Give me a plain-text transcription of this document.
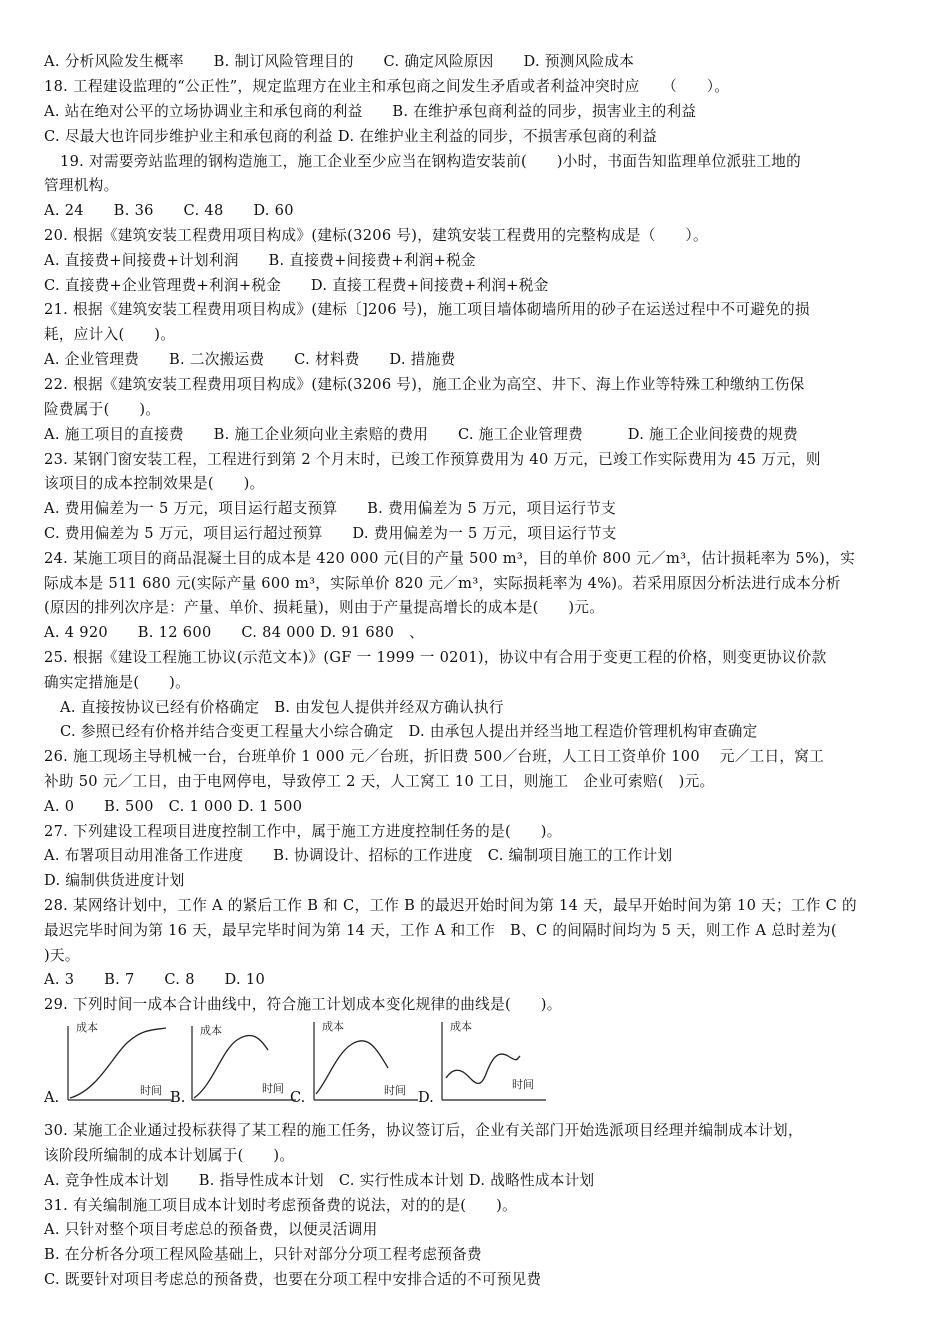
A. 分析风险发生概率　　B. 制订风险管理目的　　C. 确定风险原因　　D. 预测风险成本
18. 工程建设监理的“公正性”，规定监理方在业主和承包商之间发生矛盾或者利益冲突时应　　（　　）。
A. 站在绝对公平的立场协调业主和承包商的利益　　B. 在维护承包商利益的同步，损害业主的利益
C. 尽最大也许同步维护业主和承包商的利益 D. 在维护业主利益的同步，不损害承包商的利益
19. 对需要旁站监理的钢构造施工，施工企业至少应当在钢构造安装前(　　)小时，书面告知监理单位派驻工地的
管理机构。
A. 24　　B. 36　　C. 48　　D. 60
20. 根据《建筑安装工程费用项目构成》(建标(3206 号)，建筑安装工程费用的完整构成是（　　）。
A. 直接费+间接费+计划利润　　B. 直接费+间接费+利润+税金
C. 直接费+企业管理费+利润+税金　　D. 直接工程费+间接费+利润+税金
21. 根据《建筑安装工程费用项目构成》(建标〔]206 号)，施工项目墙体砌墙所用的砂子在运送过程中不可避免的损
耗，应计入(　　)。
A. 企业管理费　　B. 二次搬运费　　C. 材料费　　D. 措施费
22. 根据《建筑安装工程费用项目构成》(建标(3206 号)，施工企业为高空、井下、海上作业等特殊工种缴纳工伤保
险费属于(　　)。
A. 施工项目的直接费　　B. 施工企业须向业主索赔的费用　　C. 施工企业管理费　　　D. 施工企业间接费的规费
23. 某钢门窗安装工程，工程进行到第 2 个月末时，已竣工作预算费用为 40 万元，已竣工作实际费用为 45 万元，则
该项目的成本控制效果是(　　)。
A. 费用偏差为一 5 万元，项目运行超支预算　　B. 费用偏差为 5 万元，项目运行节支
C. 费用偏差为 5 万元，项目运行超过预算　　D. 费用偏差为一 5 万元，项目运行节支
24. 某施工项目的商品混凝土目的成本是 420 000 元(目的产量 500 m³，目的单价 800 元／m³，估计损耗率为 5%)，实
际成本是 511 680 元(实际产量 600 m³，实际单价 820 元／m³，实际损耗率为 4%)。若采用原因分析法进行成本分析
(原因的排列次序是：产量、单价、损耗量)，则由于产量提高增长的成本是(　　)元。
A. 4 920　　B. 12 600　　C. 84 000 D. 91 680　、
25. 根据《建设工程施工协议(示范文本)》(GF 一 1999 一 0201)，协议中有合用于变更工程的价格，则变更协议价款
确实定措施是(　　)。
A. 直接按协议已经有价格确定　B. 由发包人提供并经双方确认执行
C. 参照已经有价格并结合变更工程量大小综合确定　D. 由承包人提出并经当地工程造价管理机构审查确定
26. 施工现场主导机械一台，台班单价 1 000 元／台班，折旧费 500／台班，人工日工资单价 100　 元／工日，窝工
补助 50 元／工日，由于电网停电，导致停工 2 天，人工窝工 10 工日，则施工　企业可索赔(　)元。
A. 0　　B. 500　C. 1 000 D. 1 500
27. 下列建设工程项目进度控制工作中，属于施工方进度控制任务的是(　　)。
A. 布署项目动用准备工作进度　　B. 协调设计、招标的工作进度　C. 编制项目施工的工作计划
D. 编制供货进度计划
28. 某网络计划中，工作 A 的紧后工作 B 和 C，工作 B 的最迟开始时间为第 14 天，最早开始时间为第 10 天；工作 C 的
最迟完毕时间为第 16 天，最早完毕时间为第 14 天，工作 A 和工作　B、C 的间隔时间均为 5 天，则工作 A 总时差为(
)天。
A. 3　　B. 7　　C. 8　　D. 10
29. 下列时间一成本合计曲线中，符合施工计划成本变化规律的曲线是(　　)。
A.
成本
时间 B.
成本
时间
C.
成本
时间 D.
成本
时间
30. 某施工企业通过投标获得了某工程的施工任务，协议签订后，企业有关部门开始选派项目经理并编制成本计划，
该阶段所编制的成本计划属于(　　)。
A. 竞争性成本计划　　B. 指导性成本计划　C. 实行性成本计划 D. 战略性成本计划
31. 有关编制施工项目成本计划时考虑预备费的说法，对的的是(　　)。
A. 只针对整个项目考虑总的预备费，以便灵活调用
B. 在分析各分项工程风险基础上，只针对部分分项工程考虑预备费
C. 既要针对项目考虑总的预备费，也要在分项工程中安排合适的不可预见费
